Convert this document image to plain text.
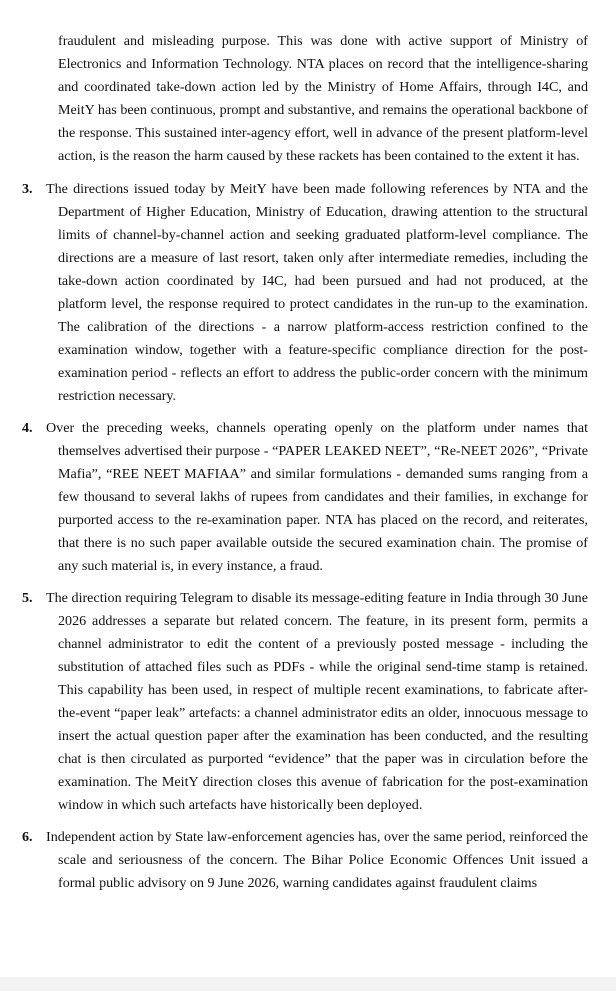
fraudulent and misleading purpose. This was done with active support of Ministry of Electronics and Information Technology. NTA places on record that the intelligence-sharing and coordinated take-down action led by the Ministry of Home Affairs, through I4C, and MeitY has been continuous, prompt and substantive, and remains the operational backbone of the response. This sustained inter-agency effort, well in advance of the present platform-level action, is the reason the harm caused by these rackets has been contained to the extent it has.

3. The directions issued today by MeitY have been made following references by NTA and the Department of Higher Education, Ministry of Education, drawing attention to the structural limits of channel-by-channel action and seeking graduated platform-level compliance. The directions are a measure of last resort, taken only after intermediate remedies, including the take-down action coordinated by I4C, had been pursued and had not produced, at the platform level, the response required to protect candidates in the run-up to the examination. The calibration of the directions - a narrow platform-access restriction confined to the examination window, together with a feature-specific compliance direction for the post-examination period - reflects an effort to address the public-order concern with the minimum restriction necessary.
4. Over the preceding weeks, channels operating openly on the platform under names that themselves advertised their purpose - “PAPER LEAKED NEET”, “Re-NEET 2026”, “Private Mafia”, “REE NEET MAFIAA” and similar formulations - demanded sums ranging from a few thousand to several lakhs of rupees from candidates and their families, in exchange for purported access to the re-examination paper. NTA has placed on the record, and reiterates, that there is no such paper available outside the secured examination chain. The promise of any such material is, in every instance, a fraud.
5. The direction requiring Telegram to disable its message-editing feature in India through 30 June 2026 addresses a separate but related concern. The feature, in its present form, permits a channel administrator to edit the content of a previously posted message - including the substitution of attached files such as PDFs - while the original send-time stamp is retained. This capability has been used, in respect of multiple recent examinations, to fabricate after-the-event “paper leak” artefacts: a channel administrator edits an older, innocuous message to insert the actual question paper after the examination has been conducted, and the resulting chat is then circulated as purported “evidence” that the paper was in circulation before the examination. The MeitY direction closes this avenue of fabrication for the post-examination window in which such artefacts have historically been deployed.
6. Independent action by State law-enforcement agencies has, over the same period, reinforced the scale and seriousness of the concern. The Bihar Police Economic Offences Unit issued a formal public advisory on 9 June 2026, warning candidates against fraudulent claims
